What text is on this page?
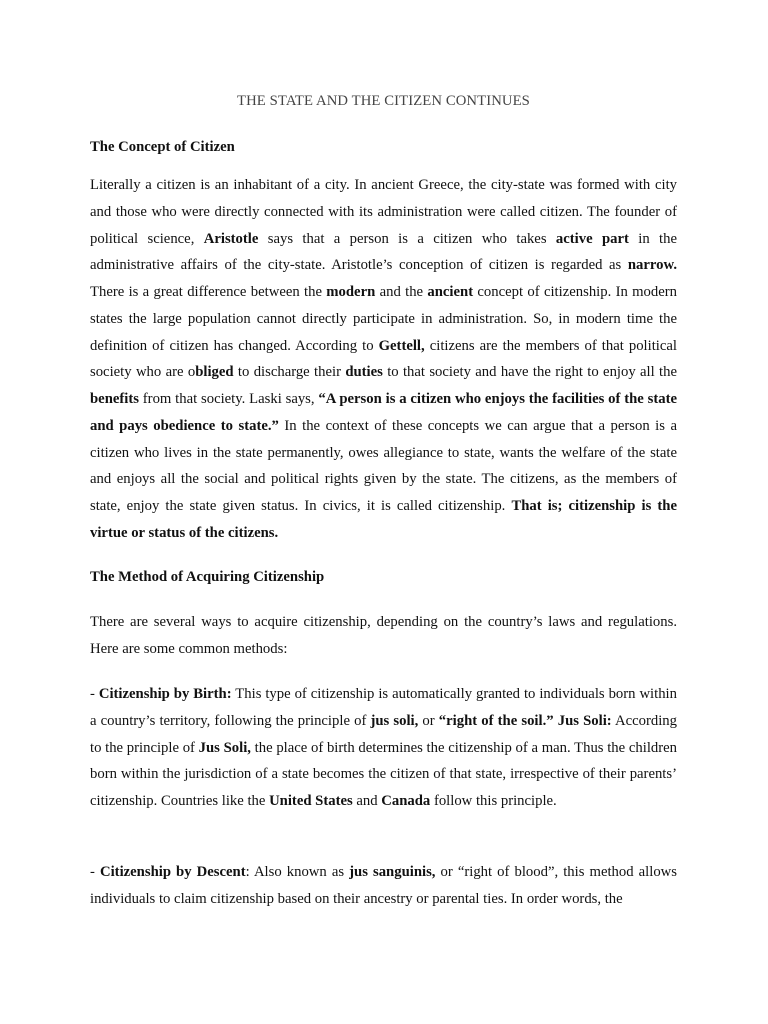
THE STATE AND THE CITIZEN CONTINUES
The Concept of Citizen

Literally a citizen is an inhabitant of a city. In ancient Greece, the city-state was formed with city and those who were directly connected with its administration were called citizen. The founder of political science, Aristotle says that a person is a citizen who takes active part in the administrative affairs of the city-state. Aristotle’s conception of citizen is regarded as narrow. There is a great difference between the modern and the ancient concept of citizenship. In modern states the large population cannot directly participate in administration. So, in modern time the definition of citizen has changed. According to Gettell, citizens are the members of that political society who are obliged to discharge their duties to that society and have the right to enjoy all the benefits from that society. Laski says, “A person is a citizen who enjoys the facilities of the state and pays obedience to state.” In the context of these concepts we can argue that a person is a citizen who lives in the state permanently, owes allegiance to state, wants the welfare of the state and enjoys all the social and political rights given by the state. The citizens, as the members of state, enjoy the state given status. In civics, it is called citizenship. That is; citizenship is the virtue or status of the citizens.

The Method of Acquiring Citizenship

There are several ways to acquire citizenship, depending on the country’s laws and regulations. Here are some common methods:

- Citizenship by Birth: This type of citizenship is automatically granted to individuals born within a country’s territory, following the principle of jus soli, or “right of the soil.” Jus Soli: According to the principle of Jus Soli, the place of birth determines the citizenship of a man. Thus the children born within the jurisdiction of a state becomes the citizen of that state, irrespective of their parents’ citizenship. Countries like the United States and Canada follow this principle.

- Citizenship by Descent: Also known as jus sanguinis, or “right of blood”, this method allows individuals to claim citizenship based on their ancestry or parental ties. In order words, the
